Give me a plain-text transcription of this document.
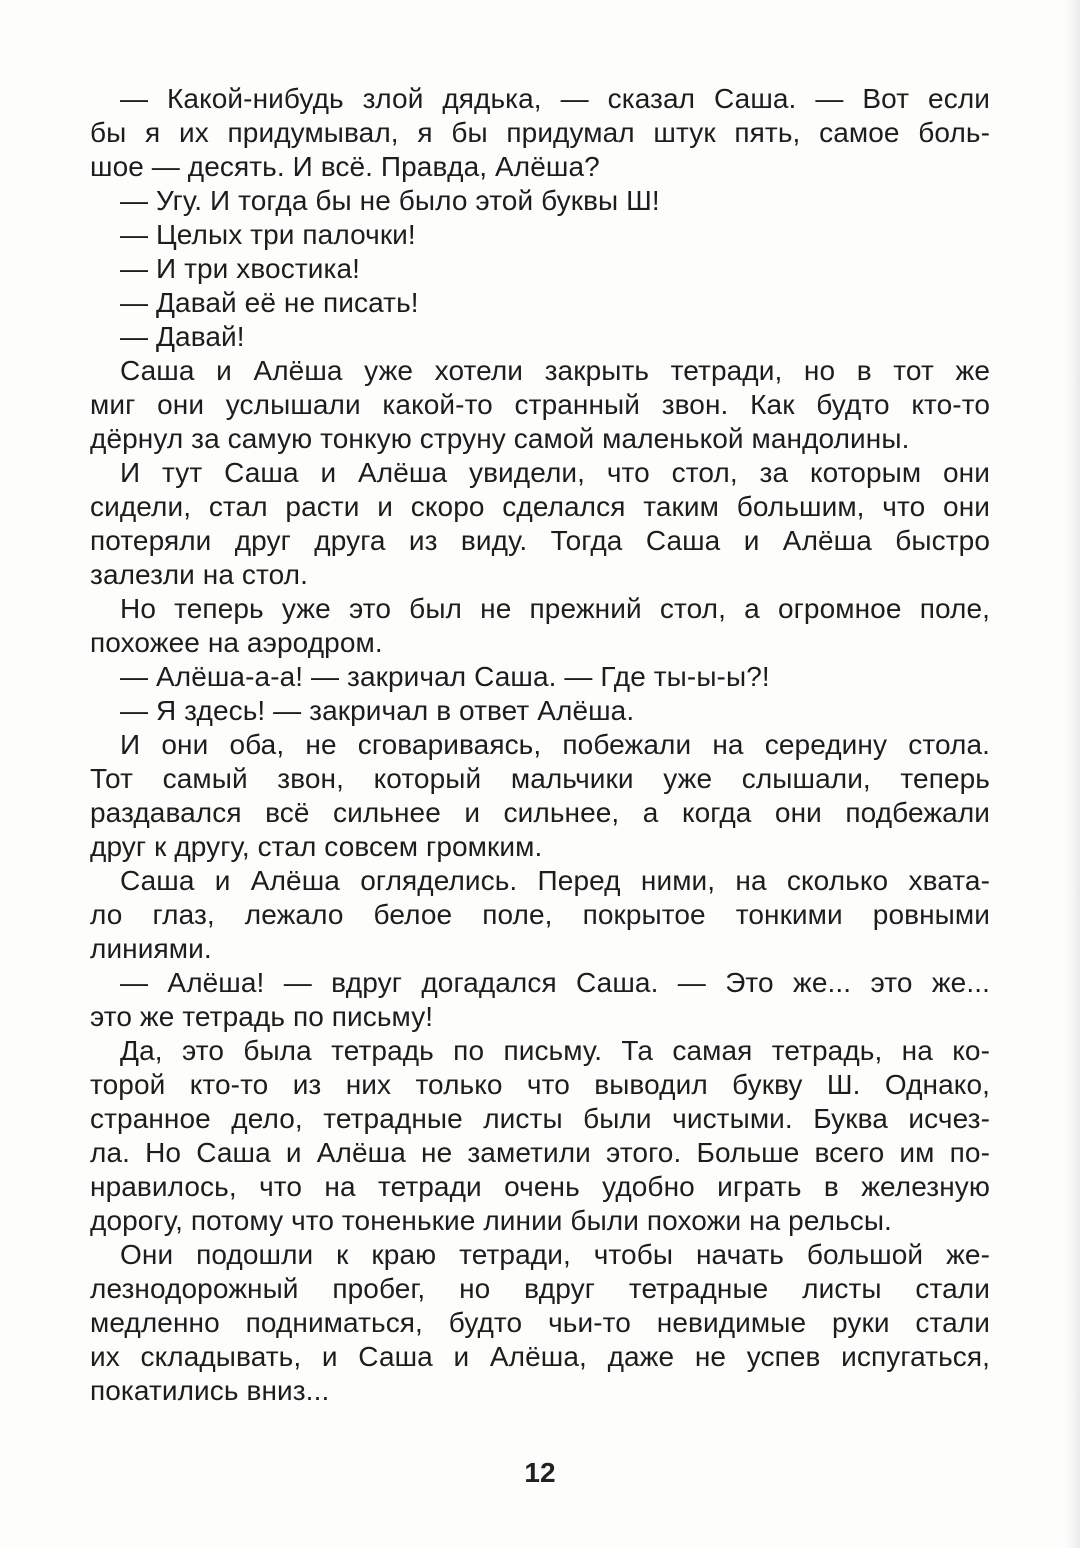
— Какой-нибудь злой дядька, — сказал Саша. — Вот если
бы я их придумывал, я бы придумал штук пять, самое боль-
шое — десять. И всё. Правда, Алёша?
— Угу. И тогда бы не было этой буквы Ш!
— Целых три палочки!
— И три хвостика!
— Давай её не писать!
— Давай!
Саша и Алёша уже хотели закрыть тетради, но в тот же
миг они услышали какой-то странный звон. Как будто кто-то
дёрнул за самую тонкую струну самой маленькой мандолины.
И тут Саша и Алёша увидели, что стол, за которым они
сидели, стал расти и скоро сделался таким большим, что они
потеряли друг друга из виду. Тогда Саша и Алёша быстро
залезли на стол.
Но теперь уже это был не прежний стол, а огромное поле,
похожее на аэродром.
— Алёша-а-а! — закричал Саша. — Где ты-ы-ы?!
— Я здесь! — закричал в ответ Алёша.
И они оба, не сговариваясь, побежали на середину стола.
Тот самый звон, который мальчики уже слышали, теперь
раздавался всё сильнее и сильнее, а когда они подбежали
друг к другу, стал совсем громким.
Саша и Алёша огляделись. Перед ними, на сколько хвата-
ло глаз, лежало белое поле, покрытое тонкими ровными
линиями.
— Алёша! — вдруг догадался Саша. — Это же... это же...
это же тетрадь по письму!
Да, это была тетрадь по письму. Та самая тетрадь, на ко-
торой кто-то из них только что выводил букву Ш. Однако,
странное дело, тетрадные листы были чистыми. Буква исчез-
ла. Но Саша и Алёша не заметили этого. Больше всего им по-
нравилось, что на тетради очень удобно играть в железную
дорогу, потому что тоненькие линии были похожи на рельсы.
Они подошли к краю тетради, чтобы начать большой же-
лезнодорожный пробег, но вдруг тетрадные листы стали
медленно подниматься, будто чьи-то невидимые руки стали
их складывать, и Саша и Алёша, даже не успев испугаться,
покатились вниз...
12
